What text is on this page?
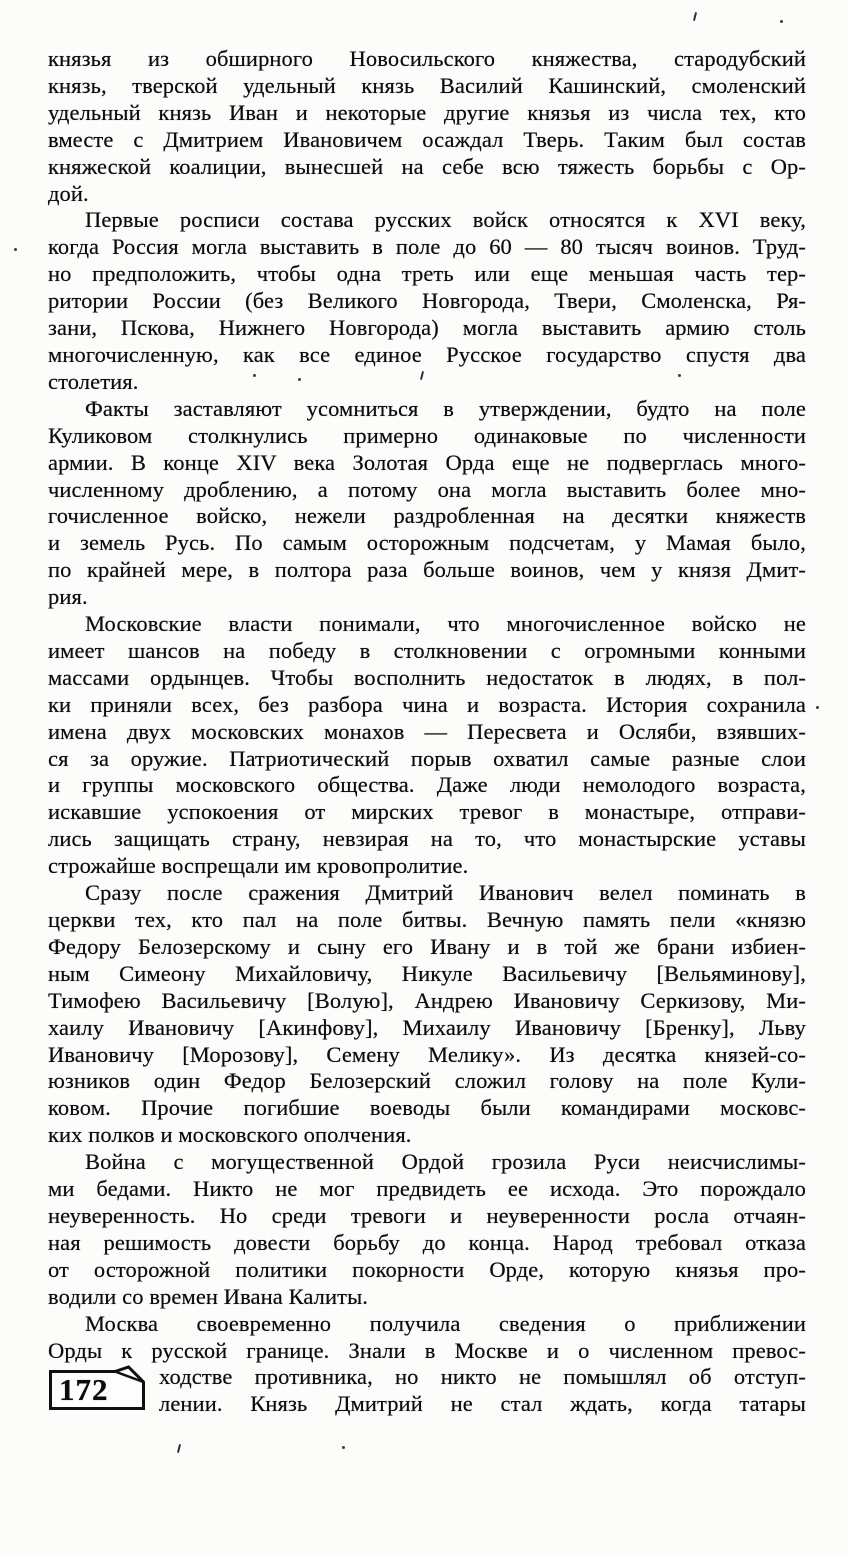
князья из обширного Новосильского княжества, стародубский
князь, тверской удельный князь Василий Кашинский, смоленский
удельный князь Иван и некоторые другие князья из числа тех, кто
вместе с Дмитрием Ивановичем осаждал Тверь. Таким был состав
княжеской коалиции, вынесшей на себе всю тяжесть борьбы с Ор-
дой.
Первые росписи состава русских войск относятся к XVI веку,
когда Россия могла выставить в поле до 60 — 80 тысяч воинов. Труд-
но предположить, чтобы одна треть или еще меньшая часть тер-
ритории России (без Великого Новгорода, Твери, Смоленска, Ря-
зани, Пскова, Нижнего Новгорода) могла выставить армию столь
многочисленную, как все единое Русское государство спустя два
столетия.
Факты заставляют усомниться в утверждении, будто на поле
Куликовом столкнулись примерно одинаковые по численности
армии. В конце XIV века Золотая Орда еще не подверглась много-
численному дроблению, а потому она могла выставить более мно-
гочисленное войско, нежели раздробленная на десятки княжеств
и земель Русь. По самым осторожным подсчетам, у Мамая было,
по крайней мере, в полтора раза больше воинов, чем у князя Дмит-
рия.
Московские власти понимали, что многочисленное войско не
имеет шансов на победу в столкновении с огромными конными
массами ордынцев. Чтобы восполнить недостаток в людях, в пол-
ки приняли всех, без разбора чина и возраста. История сохранила
имена двух московских монахов — Пересвета и Осляби, взявших-
ся за оружие. Патриотический порыв охватил самые разные слои
и группы московского общества. Даже люди немолодого возраста,
искавшие успокоения от мирских тревог в монастыре, отправи-
лись защищать страну, невзирая на то, что монастырские уставы
строжайше воспрещали им кровопролитие.
Сразу после сражения Дмитрий Иванович велел поминать в
церкви тех, кто пал на поле битвы. Вечную память пели «князю
Федору Белозерскому и сыну его Ивану и в той же брани избиен-
ным Симеону Михайловичу, Никуле Васильевичу [Вельяминову],
Тимофею Васильевичу [Волую], Андрею Ивановичу Серкизову, Ми-
хаилу Ивановичу [Акинфову], Михаилу Ивановичу [Бренку], Льву
Ивановичу [Морозову], Семену Мелику». Из десятка князей-со-
юзников один Федор Белозерский сложил голову на поле Кули-
ковом. Прочие погибшие воеводы были командирами московс-
ких полков и московского ополчения.
Война с могущественной Ордой грозила Руси неисчислимы-
ми бедами. Никто не мог предвидеть ее исхода. Это порождало
неуверенность. Но среди тревоги и неуверенности росла отчаян-
ная решимость довести борьбу до конца. Народ требовал отказа
от осторожной политики покорности Орде, которую князья про-
водили со времен Ивана Калиты.
Москва своевременно получила сведения о приближении
Орды к русской границе. Знали в Москве и о численном превос-
172	ходстве противника, но никто не помышлял об отступ-
лении. Князь Дмитрий не стал ждать, когда татары
